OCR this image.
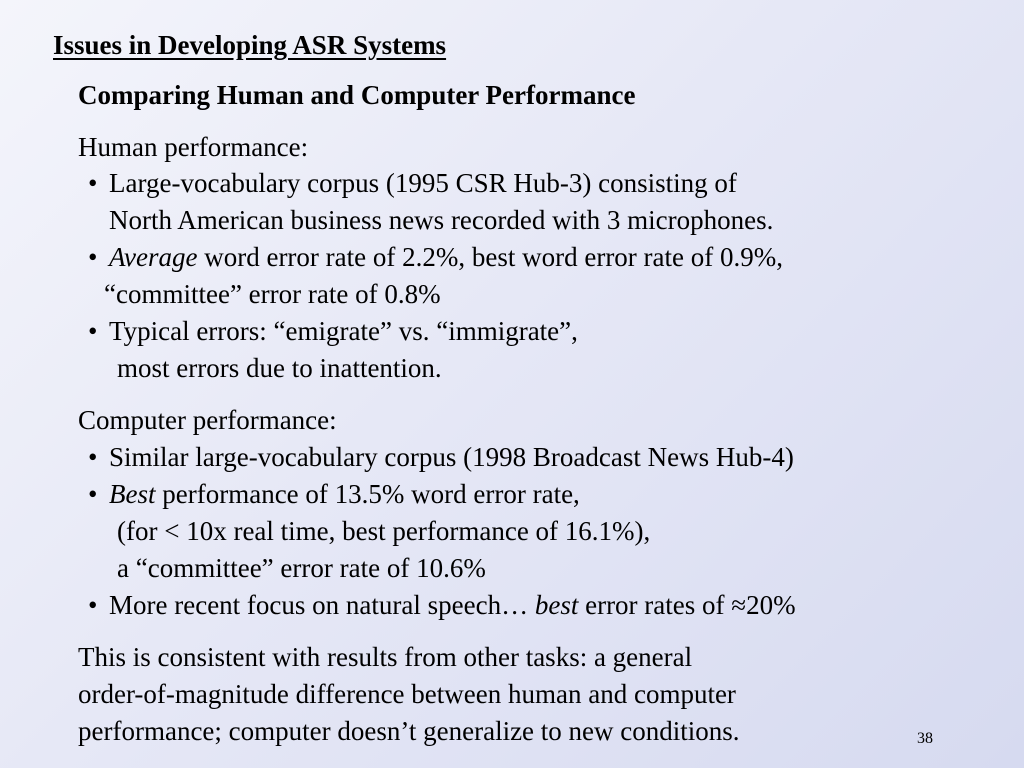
Issues in Developing ASR Systems
Comparing Human and Computer Performance
Human performance:
• Large-vocabulary corpus (1995 CSR Hub-3) consisting of
North American business news recorded with 3 microphones.
• Average word error rate of 2.2%, best word error rate of 0.9%,
“committee” error rate of 0.8%
• Typical errors: “emigrate” vs. “immigrate”,
most errors due to inattention.
Computer performance:
• Similar large-vocabulary corpus (1998 Broadcast News Hub-4)
• Best performance of 13.5% word error rate,
(for < 10x real time, best performance of 16.1%),
a “committee” error rate of 10.6%
• More recent focus on natural speech… best error rates of ≈20%
This is consistent with results from other tasks: a general
order-of-magnitude difference between human and computer
performance; computer doesn’t generalize to new conditions.	38
